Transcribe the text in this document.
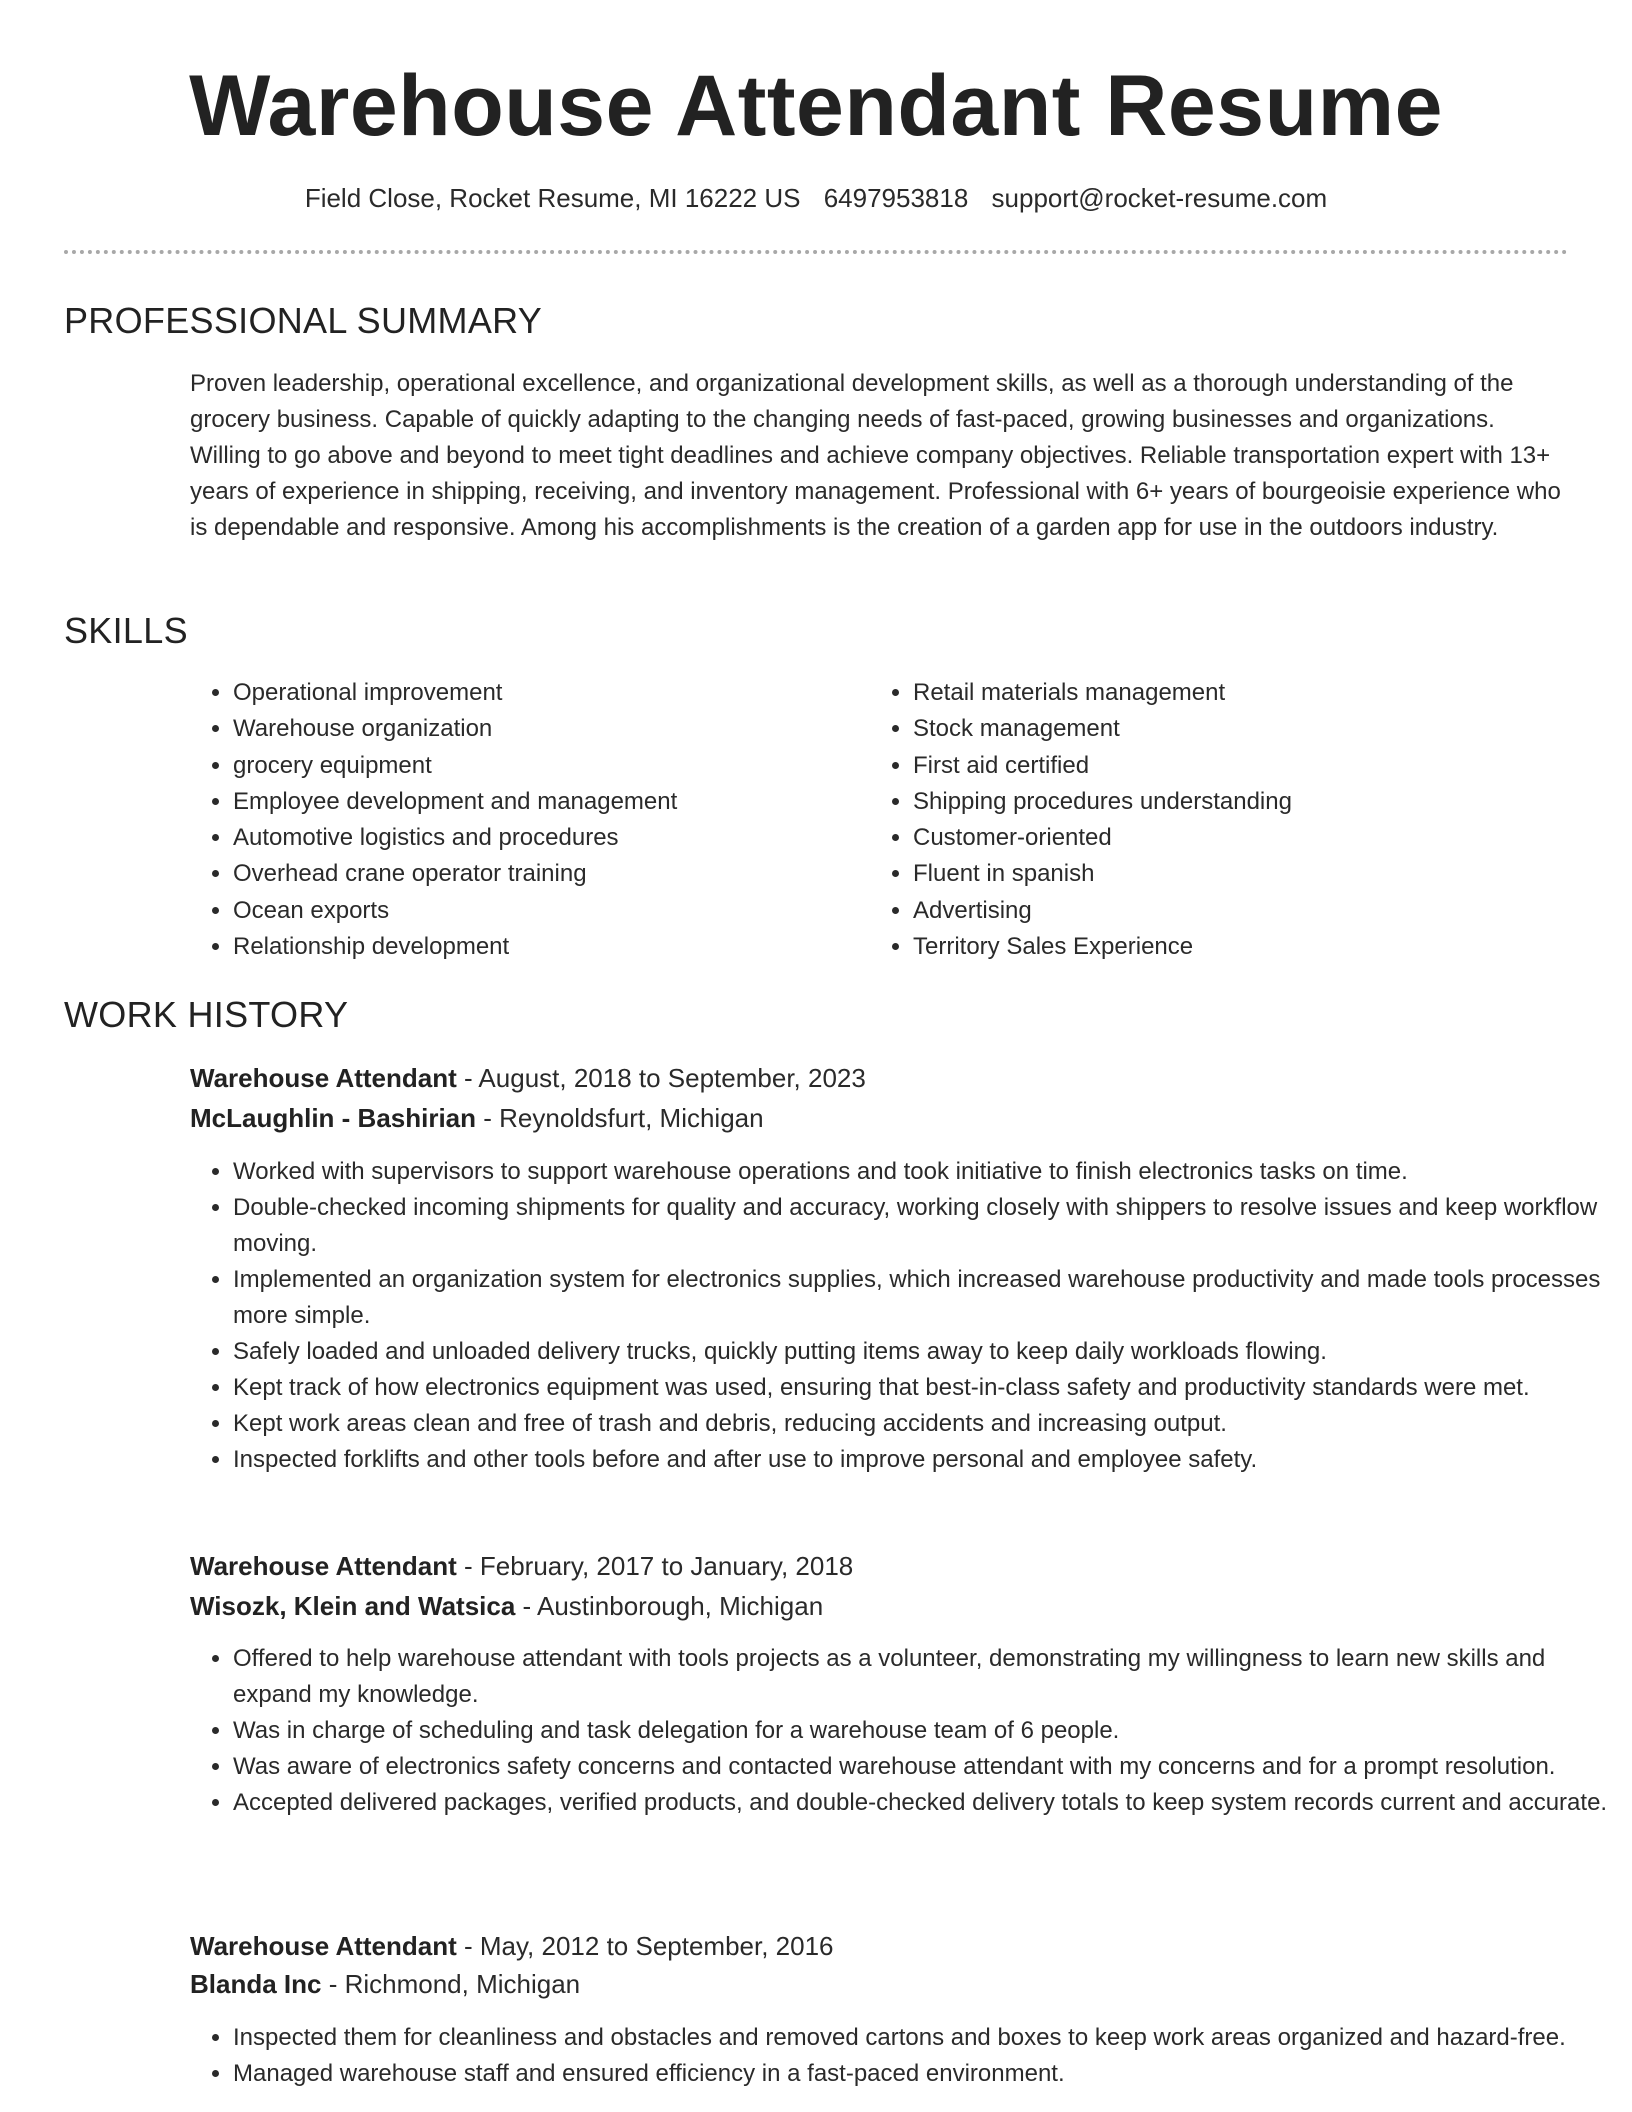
Warehouse Attendant Resume
Field Close, Rocket Resume, MI 16222 US 6497953818 support@rocket-resume.com
PROFESSIONAL SUMMARY

Proven leadership, operational excellence, and organizational development skills, as well as a thorough understanding of the grocery business. Capable of quickly adapting to the changing needs of fast-paced, growing businesses and organizations. Willing to go above and beyond to meet tight deadlines and achieve company objectives. Reliable transportation expert with 13+ years of experience in shipping, receiving, and inventory management. Professional with 6+ years of bourgeoisie experience who is dependable and responsive. Among his accomplishments is the creation of a garden app for use in the outdoors industry.

SKILLS
• Operational improvement
• Warehouse organization
• grocery equipment
• Employee development and management
• Automotive logistics and procedures
• Overhead crane operator training
• Ocean exports
• Relationship development
• Retail materials management
• Stock management
• First aid certified
• Shipping procedures understanding
• Customer-oriented
• Fluent in spanish
• Advertising
• Territory Sales Experience
WORK HISTORY
Warehouse Attendant - August, 2018 to September, 2023
McLaughlin - Bashirian - Reynoldsfurt, Michigan
• Worked with supervisors to support warehouse operations and took initiative to finish electronics tasks on time.
• Double-checked incoming shipments for quality and accuracy, working closely with shippers to resolve issues and keep workflow moving.
• Implemented an organization system for electronics supplies, which increased warehouse productivity and made tools processes more simple.
• Safely loaded and unloaded delivery trucks, quickly putting items away to keep daily workloads flowing.
• Kept track of how electronics equipment was used, ensuring that best-in-class safety and productivity standards were met.
• Kept work areas clean and free of trash and debris, reducing accidents and increasing output.
• Inspected forklifts and other tools before and after use to improve personal and employee safety.
Warehouse Attendant - February, 2017 to January, 2018
Wisozk, Klein and Watsica - Austinborough, Michigan
• Offered to help warehouse attendant with tools projects as a volunteer, demonstrating my willingness to learn new skills and expand my knowledge.
• Was in charge of scheduling and task delegation for a warehouse team of 6 people.
• Was aware of electronics safety concerns and contacted warehouse attendant with my concerns and for a prompt resolution.
• Accepted delivered packages, verified products, and double-checked delivery totals to keep system records current and accurate.
Warehouse Attendant - May, 2012 to September, 2016
Blanda Inc - Richmond, Michigan
• Inspected them for cleanliness and obstacles and removed cartons and boxes to keep work areas organized and hazard-free.
• Managed warehouse staff and ensured efficiency in a fast-paced environment.
